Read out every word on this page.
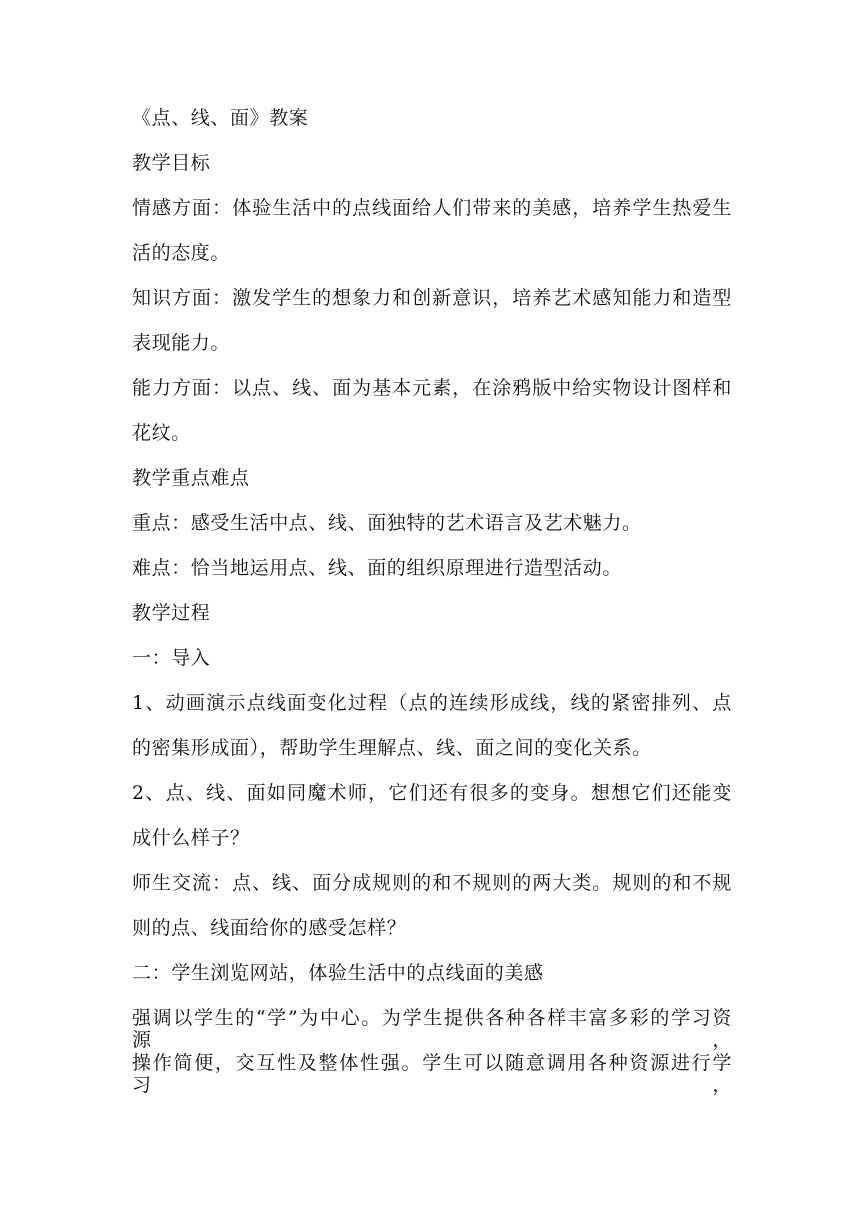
《点、线、面》教案
教学目标
情感方面：体验生活中的点线面给人们带来的美感，培养学生热爱生
活的态度。
知识方面：激发学生的想象力和创新意识，培养艺术感知能力和造型
表现能力。
能力方面：以点、线、面为基本元素，在涂鸦版中给实物设计图样和
花纹。
教学重点难点
重点：感受生活中点、线、面独特的艺术语言及艺术魅力。
难点：恰当地运用点、线、面的组织原理进行造型活动。
教学过程
一：导入
1、动画演示点线面变化过程（点的连续形成线，线的紧密排列、点
的密集形成面），帮助学生理解点、线、面之间的变化关系。
2、点、线、面如同魔术师，它们还有很多的变身。想想它们还能变
成什么样子？
师生交流：点、线、面分成规则的和不规则的两大类。规则的和不规
则的点、线面给你的感受怎样？
二：学生浏览网站，体验生活中的点线面的美感
强调以学生的“学”为中心。为学生提供各种各样丰富多彩的学习资源，
操作简便，交互性及整体性强。学生可以随意调用各种资源进行学习，
